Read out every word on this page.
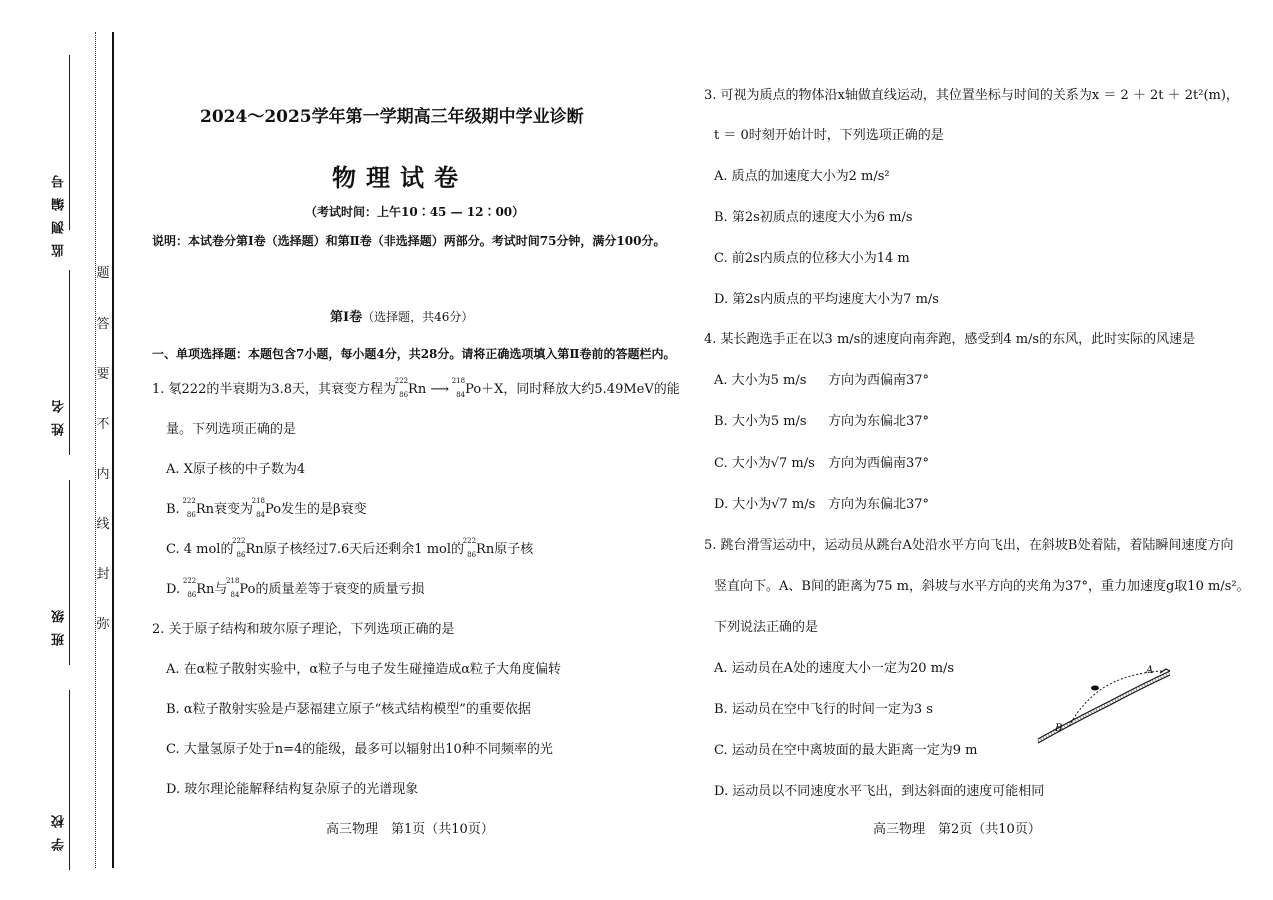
监测编号
姓名
班级
学校
题
答
要
不
内
线
封
弥
2024～2025学年第一学期高三年级期中学业诊断
物理试卷
（考试时间：上午10∶45 — 12∶00）
说明：本试卷分第Ⅰ卷（选择题）和第Ⅱ卷（非选择题）两部分。考试时间75分钟，满分100分。
第Ⅰ卷（选择题，共46分）
一、单项选择题：本题包含7小题，每小题4分，共28分。请将正确选项填入第Ⅱ卷前的答题栏内。
1. 氡222的半衰期为3.8天，其衰变方程为
222
86 Rn ⟶
218
84 Po＋X，同时释放大约5.49MeV的能
量。下列选项正确的是
A. X原子核的中子数为4
B.
222
86 Rn衰变为
218
84 Po发生的是β衰变
C. 4 mol的
222
86 Rn原子核经过7.6天后还剩余1 mol的
222
86 Rn原子核
D.
222
86 Rn与
218
84 Po的质量差等于衰变的质量亏损
2. 关于原子结构和玻尔原子理论，下列选项正确的是
A. 在α粒子散射实验中，α粒子与电子发生碰撞造成α粒子大角度偏转
B. α粒子散射实验是卢瑟福建立原子“核式结构模型”的重要依据
C. 大量氢原子处于n=4的能级，最多可以辐射出10种不同频率的光
D. 玻尔理论能解释结构复杂原子的光谱现象
高三物理　第1页（共10页）
3. 可视为质点的物体沿x轴做直线运动，其位置坐标与时间的关系为x ＝ 2 ＋ 2t ＋ 2t²(m)，
t ＝ 0时刻开始计时，下列选项正确的是
A. 质点的加速度大小为2 m/s²
B. 第2s初质点的速度大小为6 m/s
C. 前2s内质点的位移大小为14 m
D. 第2s内质点的平均速度大小为7 m/s
4. 某长跑选手正在以3 m/s的速度向南奔跑，感受到4 m/s的东风，此时实际的风速是
A. 大小为5 m/s 方向为西偏南37°
B. 大小为5 m/s 方向为东偏北37°
C. 大小为√7 m/s 方向为西偏南37°
D. 大小为√7 m/s 方向为东偏北37°
5. 跳台滑雪运动中，运动员从跳台A处沿水平方向飞出，在斜坡B处着陆，着陆瞬间速度方向
竖直向下。A、B间的距离为75 m，斜坡与水平方向的夹角为37°，重力加速度g取10 m/s²。
下列说法正确的是
A. 运动员在A处的速度大小一定为20 m/s
B. 运动员在空中飞行的时间一定为3 s
C. 运动员在空中离坡面的最大距离一定为9 m
D. 运动员以不同速度水平飞出，到达斜面的速度可能相同
A
B
高三物理　第2页（共10页）
